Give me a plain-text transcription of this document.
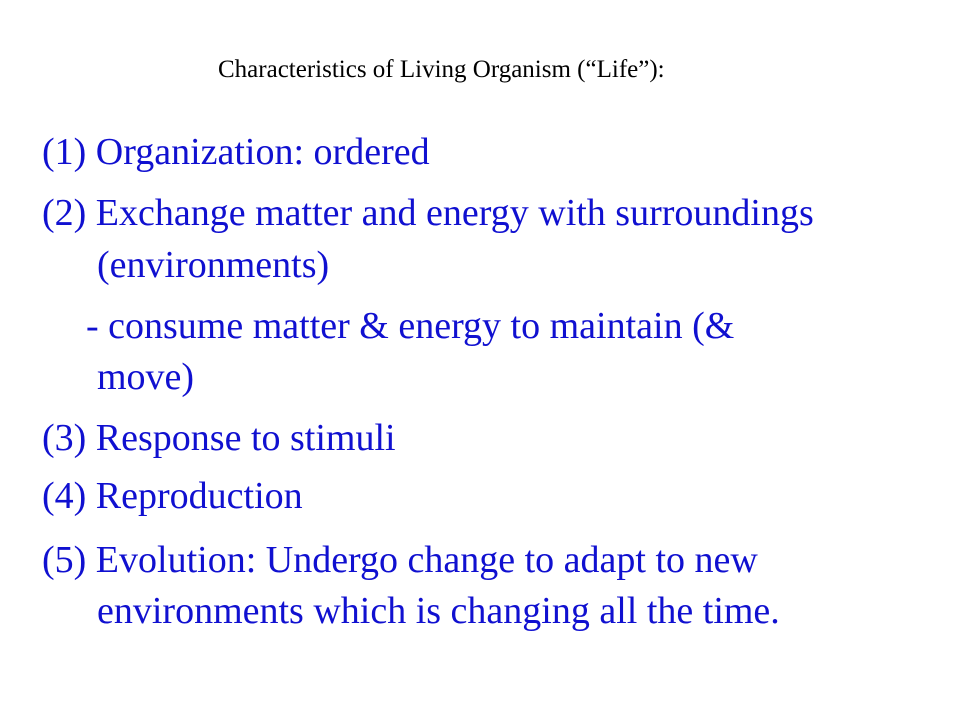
Characteristics of Living Organism (“Life”):
(1) Organization: ordered
(2) Exchange matter and energy with surroundings
(environments)
- consume matter & energy to maintain (&
move)
(3) Response to stimuli
(4) Reproduction
(5) Evolution: Undergo change to adapt to new
environments which is changing all the time.
